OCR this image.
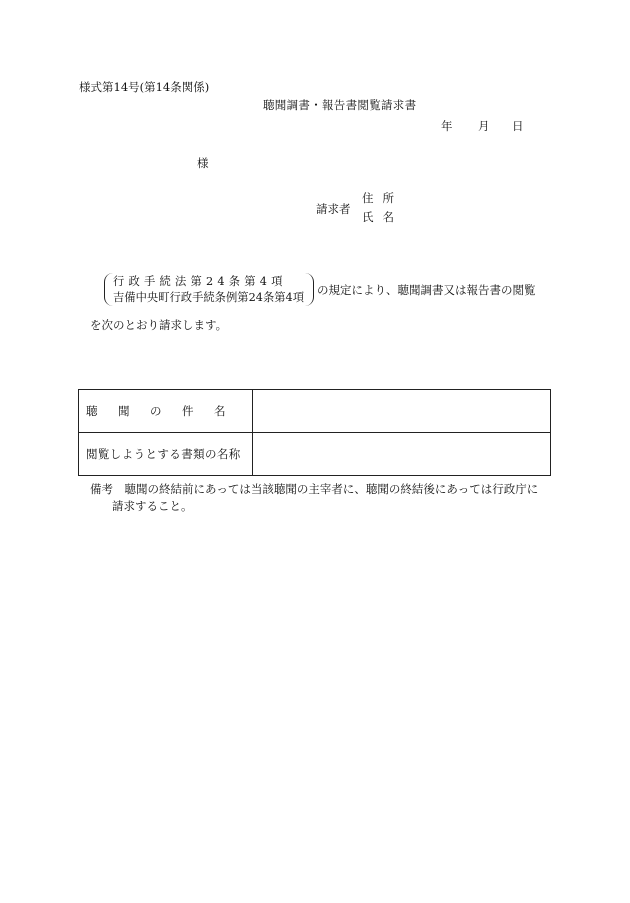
様式第14号(第14条関係)
聴聞調書・報告書閲覧請求書
年 月 日
様
請求者
住所
氏名
行政手続法第24条第4項
吉備中央町行政手続条例第24条第4項
の規定により、聴聞調書又は報告書の閲覧
を次のとおり請求します。
聴聞の件名	
閲覧しようとする書類の名称	
備考　聴聞の終結前にあっては当該聴聞の主宰者に、聴聞の終結後にあっては行政庁に
請求すること。
